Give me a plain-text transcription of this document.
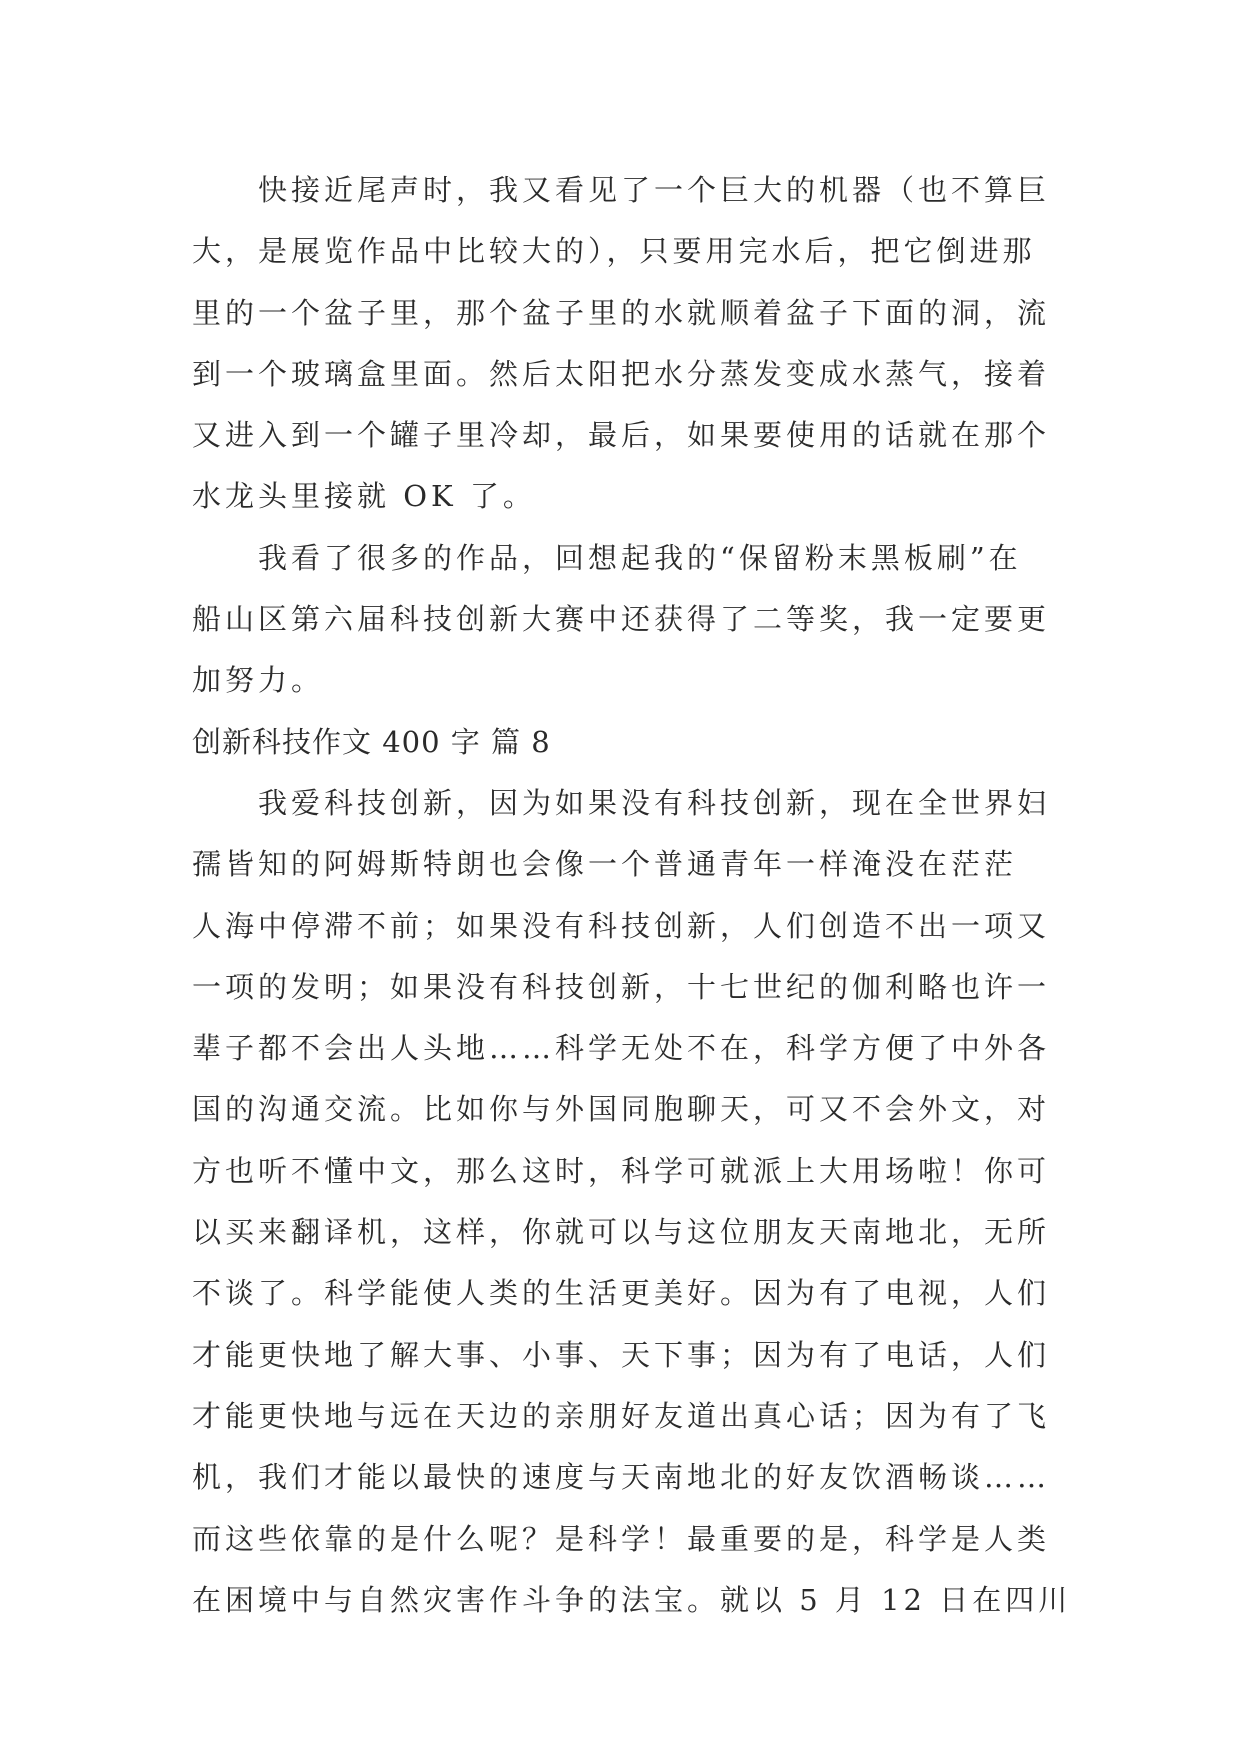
快接近尾声时，我又看见了一个巨大的机器（也不算巨
大，是展览作品中比较大的），只要用完水后，把它倒进那
里的一个盆子里，那个盆子里的水就顺着盆子下面的洞，流
到一个玻璃盒里面。然后太阳把水分蒸发变成水蒸气，接着
又进入到一个罐子里冷却，最后，如果要使用的话就在那个
水龙头里接就 OK 了。

我看了很多的作品，回想起我的“保留粉末黑板刷”在
船山区第六届科技创新大赛中还获得了二等奖，我一定要更
加努力。

创新科技作文 400 字 篇 8

我爱科技创新，因为如果没有科技创新，现在全世界妇
孺皆知的阿姆斯特朗也会像一个普通青年一样淹没在茫茫
人海中停滞不前；如果没有科技创新，人们创造不出一项又
一项的发明；如果没有科技创新，十七世纪的伽利略也许一
辈子都不会出人头地……科学无处不在，科学方便了中外各
国的沟通交流。比如你与外国同胞聊天，可又不会外文，对
方也听不懂中文，那么这时，科学可就派上大用场啦！你可
以买来翻译机，这样，你就可以与这位朋友天南地北，无所
不谈了。科学能使人类的生活更美好。因为有了电视，人们
才能更快地了解大事、小事、天下事；因为有了电话，人们
才能更快地与远在天边的亲朋好友道出真心话；因为有了飞
机，我们才能以最快的速度与天南地北的好友饮酒畅谈……
而这些依靠的是什么呢？是科学！最重要的是，科学是人类
在困境中与自然灾害作斗争的法宝。就以 5 月 12 日在四川
